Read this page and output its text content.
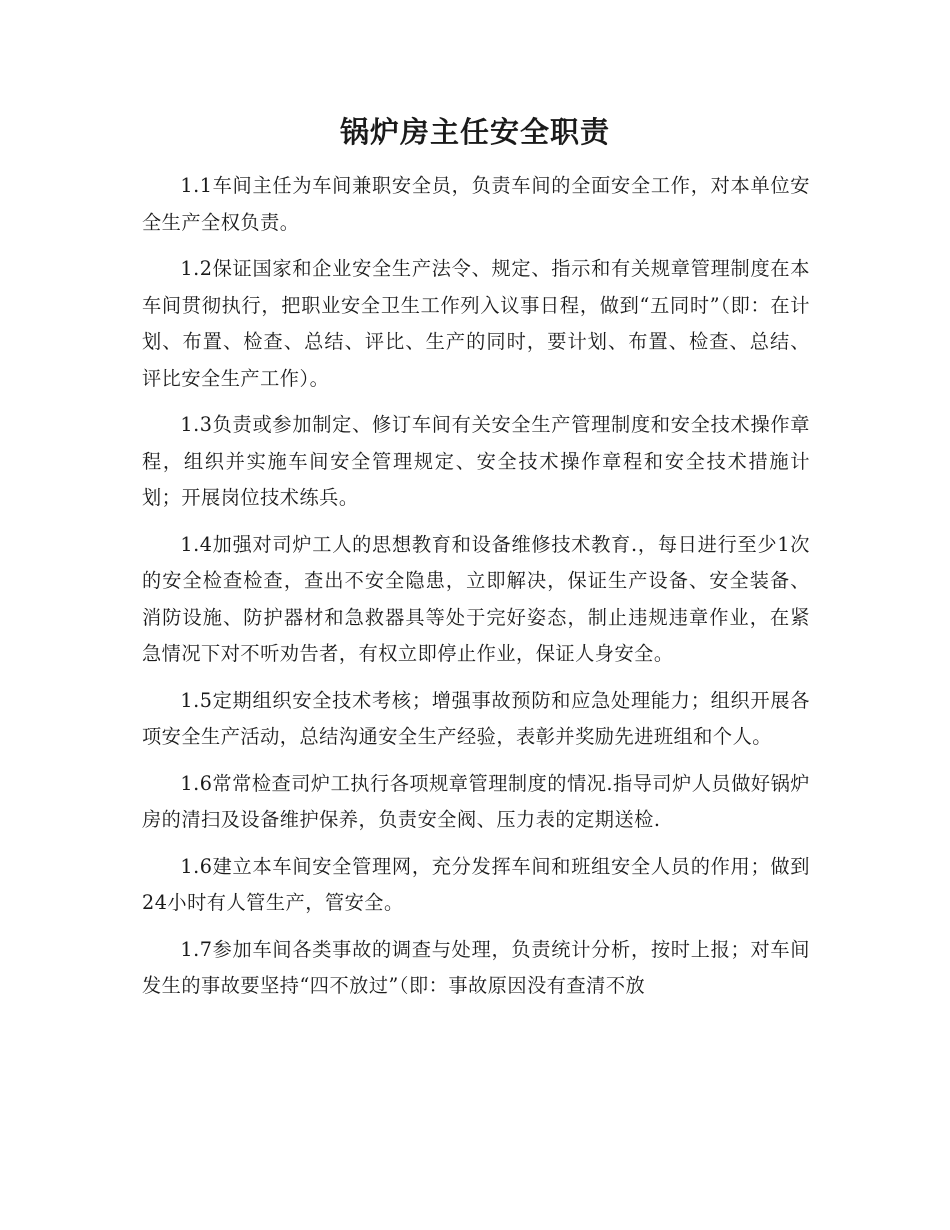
锅炉房主任安全职责

1.1车间主任为车间兼职安全员，负责车间的全面安全工作，对本单位安全生产全权负责。

1.2保证国家和企业安全生产法令、规定、指示和有关规章管理制度在本车间贯彻执行，把职业安全卫生工作列入议事日程，做到“五同时”（即：在计划、布置、检查、总结、评比、生产的同时，要计划、布置、检查、总结、评比安全生产工作）。

1.3负责或参加制定、修订车间有关安全生产管理制度和安全技术操作章程，组织并实施车间安全管理规定、安全技术操作章程和安全技术措施计划；开展岗位技术练兵。

1.4加强对司炉工人的思想教育和设备维修技术教育.，每日进行至少1次的安全检查检查，查出不安全隐患，立即解决，保证生产设备、安全装备、消防设施、防护器材和急救器具等处于完好姿态，制止违规违章作业，在紧急情况下对不听劝告者，有权立即停止作业，保证人身安全。

1.5定期组织安全技术考核；增强事故预防和应急处理能力；组织开展各项安全生产活动，总结沟通安全生产经验，表彰并奖励先进班组和个人。

1.6常常检查司炉工执行各项规章管理制度的情况.指导司炉人员做好锅炉房的清扫及设备维护保养，负责安全阀、压力表的定期送检.

1.6建立本车间安全管理网，充分发挥车间和班组安全人员的作用；做到24小时有人管生产，管安全。

1.7参加车间各类事故的调查与处理，负责统计分析，按时上报；对车间发生的事故要坚持“四不放过”（即：事故原因没有查清不放
